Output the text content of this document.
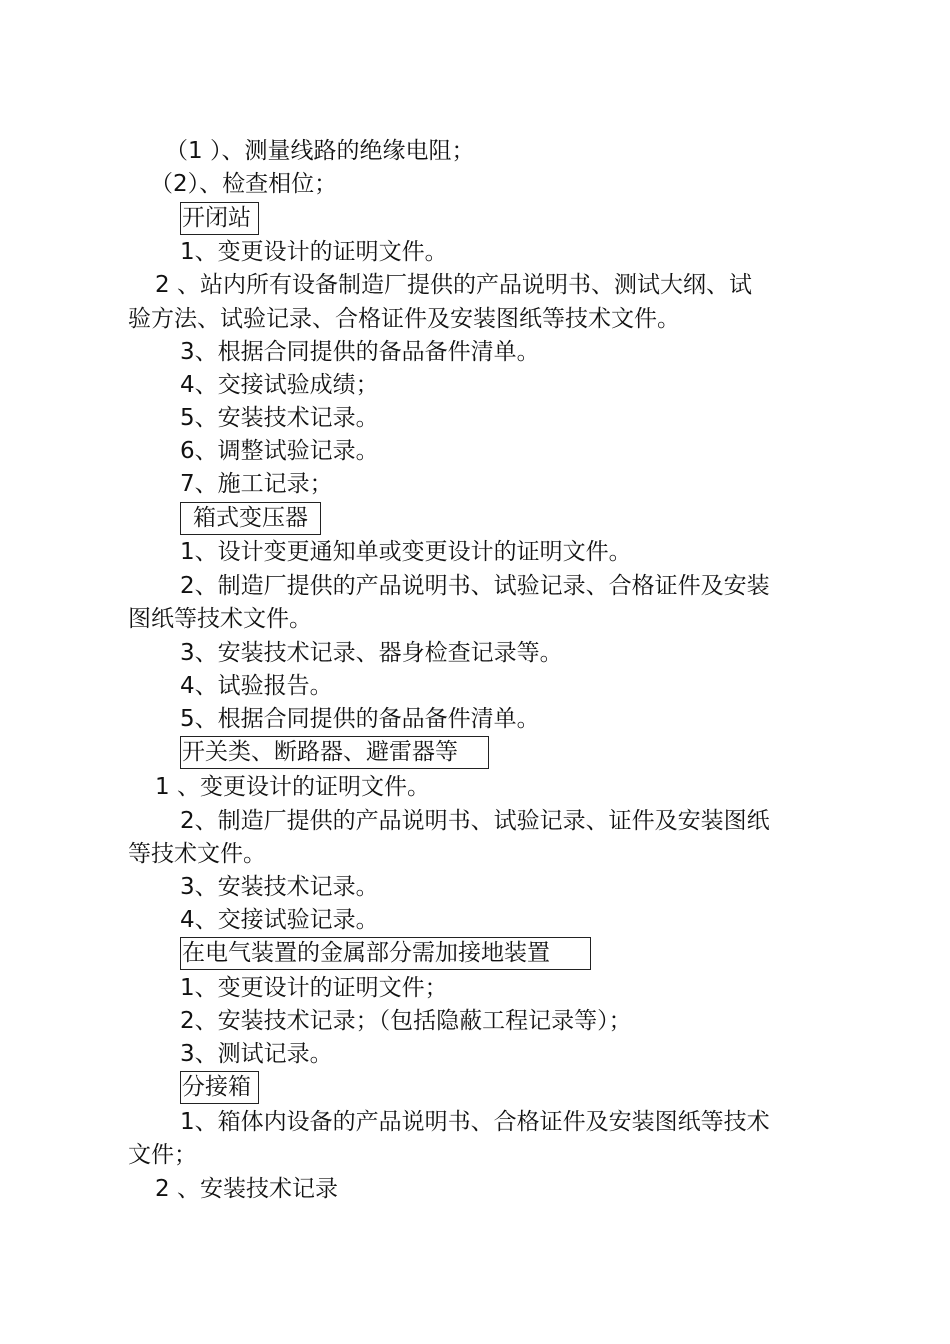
（1 ）、测量线路的绝缘电阻；
（2）、检查相位；
开闭站
1、变更设计的证明文件。
2 、站内所有设备制造厂提供的产品说明书、测试大纲、试
验方法、试验记录、合格证件及安装图纸等技术文件。
3、根据合同提供的备品备件清单。
4、交接试验成绩；
5、安装技术记录。
6、调整试验记录。
7、施工记录；
箱式变压器
1、设计变更通知单或变更设计的证明文件。
2、制造厂提供的产品说明书、试验记录、合格证件及安装
图纸等技术文件。
3、安装技术记录、器身检查记录等。
4、试验报告。
5、根据合同提供的备品备件清单。
开关类、断路器、避雷器等
1 、变更设计的证明文件。
2、制造厂提供的产品说明书、试验记录、证件及安装图纸
等技术文件。
3、安装技术记录。
4、交接试验记录。
在电气装置的金属部分需加接地装置
1、变更设计的证明文件；
2、安装技术记录；（包括隐蔽工程记录等）；
3、测试记录。
分接箱
1、箱体内设备的产品说明书、合格证件及安装图纸等技术
文件；
2 、安装技术记录
